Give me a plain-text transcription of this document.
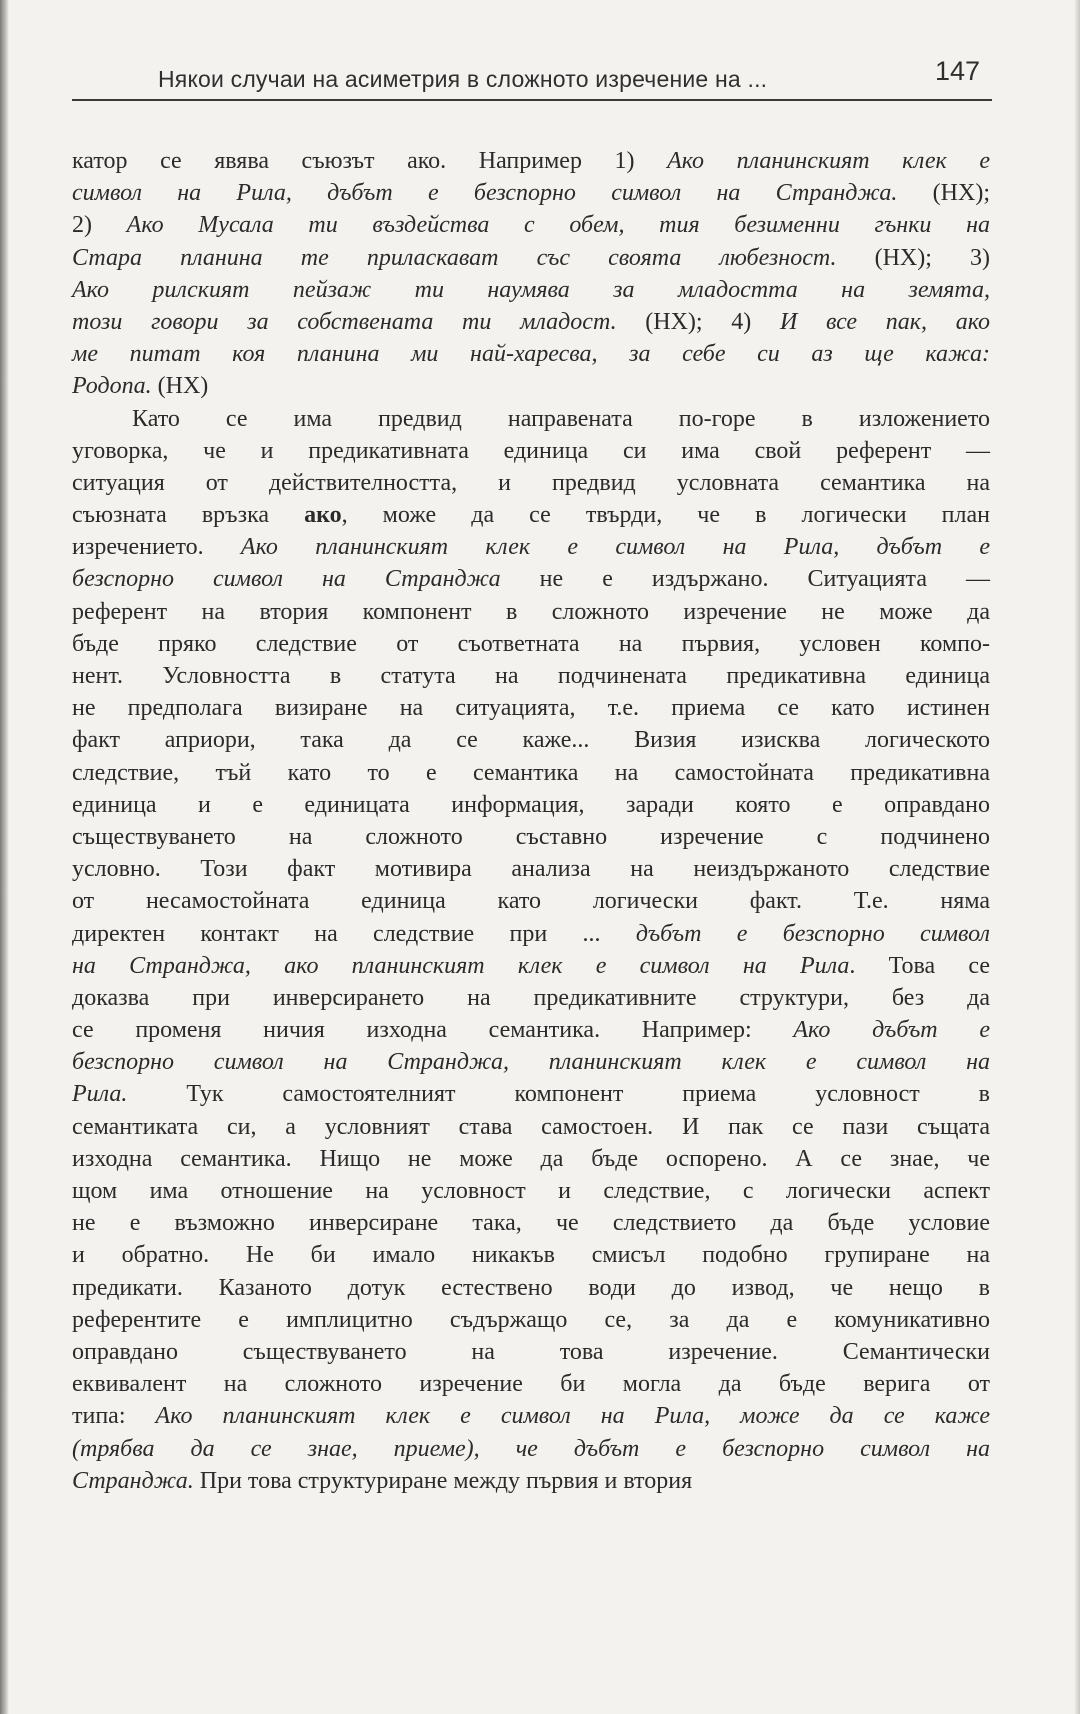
Някои случаи на асиметрия в сложното изречение на ...	147
катор се явява съюзът ако. Например 1) Ако планинският клек е
символ на Рила, дъбът е безспорно символ на Странджа. (НХ);
2) Ако Мусала ти въздейства с обем, тия безименни гънки на
Стара планина те приласкават със своята любезност. (НХ); 3)
Ако рилският пейзаж ти наумява за младостта на земята,
този говори за собствената ти младост. (НХ); 4) И все пак, ако
ме питат коя планина ми най-харесва, за себе си аз ще кажа:
Родопа. (НХ)
Като се има предвид направената по-горе в изложението
уговорка, че и предикативната единица си има свой референт —
ситуация от действителността, и предвид условната семантика на
съюзната връзка ако, може да се твърди, че в логически план
изречението. Ако планинският клек е символ на Рила, дъбът е
безспорно символ на Странджа не е издържано. Ситуацията —
референт на втория компонент в сложното изречение не може да
бъде пряко следствие от съответната на първия, условен компо-
нент. Условността в статута на подчинената предикативна единица
не предполага визиране на ситуацията, т.е. приема се като истинен
факт априори, така да се каже... Визия изисква логическото
следствие, тъй като то е семантика на самостойната предикативна
единица и е единицата информация, заради която е оправдано
съществуването на сложното съставно изречение с подчинено
условно. Този факт мотивира анализа на неиздържаното следствие
от несамостойната единица като логически факт. Т.е. няма
директен контакт на следствие при ... дъбът е безспорно символ
на Странджа, ако планинският клек е символ на Рила. Това се
доказва при инверсирането на предикативните структури, без да
се променя ничия изходна семантика. Например: Ако дъбът е
безспорно символ на Странджа, планинският клек е символ на
Рила. Тук самостоятелният компонент приема условност в
семантиката си, а условният става самостоен. И пак се пази същата
изходна семантика. Нищо не може да бъде оспорено. А се знае, че
щом има отношение на условност и следствие, с логически аспект
не е възможно инверсиране така, че следствието да бъде условие
и обратно. Не би имало никакъв смисъл подобно групиране на
предикати. Казаното дотук естествено води до извод, че нещо в
референтите е имплицитно съдържащо се, за да е комуникативно
оправдано съществуването на това изречение. Семантически
еквивалент на сложното изречение би могла да бъде верига от
типа: Ако планинският клек е символ на Рила, може да се каже
(трябва да се знае, приеме), че дъбът е безспорно символ на
Странджа. При това структуриране между първия и втория
